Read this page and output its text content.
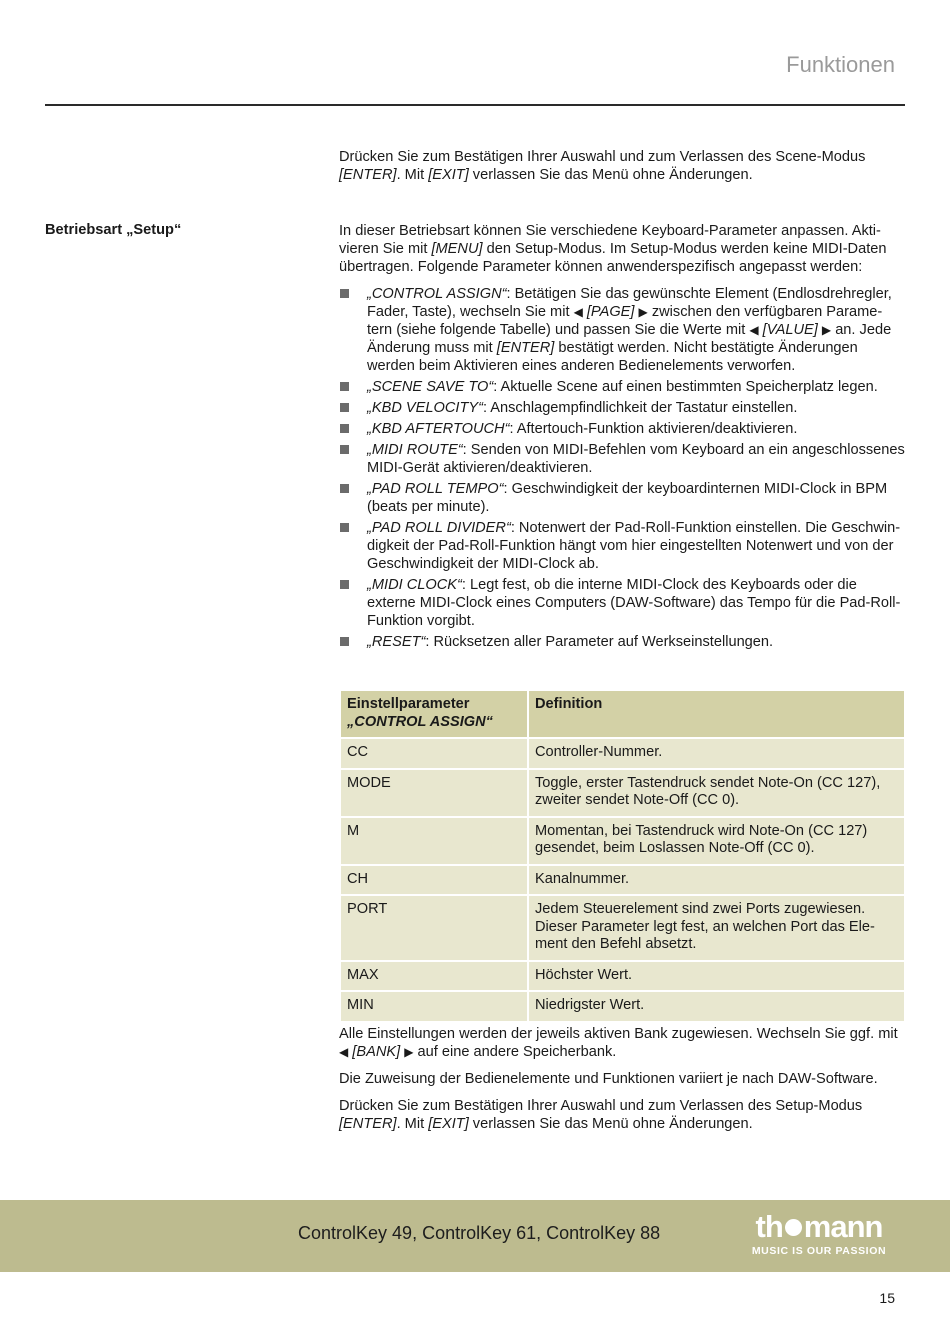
Funktionen

Drücken Sie zum Bestätigen Ihrer Auswahl und zum Verlassen des Scene-Modus
[ENTER]. Mit [EXIT] verlassen Sie das Menü ohne Änderungen.

Betriebsart „Setup“	In dieser Betriebsart können Sie verschiedene Keyboard-Parameter anpassen. Akti-
vieren Sie mit [MENU] den Setup-Modus. Im Setup-Modus werden keine MIDI-Daten
übertragen. Folgende Parameter können anwenderspezifisch angepasst werden:

„CONTROL ASSIGN“: Betätigen Sie das gewünschte Element (Endlosdrehregler, Fader, Taste), wechseln Sie mit ◀ [PAGE] ▶ zwischen den verfügbaren Parame-tern (siehe folgende Tabelle) und passen Sie die Werte mit ◀ [VALUE] ▶ an. Jede Änderung muss mit [ENTER] bestätigt werden. Nicht bestätigte Änderungen werden beim Aktivieren eines anderen Bedienelements verworfen.
„SCENE SAVE TO“: Aktuelle Scene auf einen bestimmten Speicherplatz legen.
„KBD VELOCITY“: Anschlagempfindlichkeit der Tastatur einstellen.
„KBD AFTERTOUCH“: Aftertouch-Funktion aktivieren/deaktivieren.
„MIDI ROUTE“: Senden von MIDI-Befehlen vom Keyboard an ein angeschlossenes MIDI-Gerät aktivieren/deaktivieren.
„PAD ROLL TEMPO“: Geschwindigkeit der keyboardinternen MIDI-Clock in BPM (beats per minute).
„PAD ROLL DIVIDER“: Notenwert der Pad-Roll-Funktion einstellen. Die Geschwin-digkeit der Pad-Roll-Funktion hängt vom hier eingestellten Notenwert und von der Geschwindigkeit der MIDI-Clock ab.
„MIDI CLOCK“: Legt fest, ob die interne MIDI-Clock des Keyboards oder die externe MIDI-Clock eines Computers (DAW-Software) das Tempo für die Pad-Roll-Funktion vorgibt.
„RESET“: Rücksetzen aller Parameter auf Werkseinstellungen.
Einstellparameter
„CONTROL ASSIGN“	Definition
CC	Controller-Nummer.
MODE	Toggle, erster Tastendruck sendet Note-On (CC 127), zweiter sendet Note-Off (CC 0).
M	Momentan, bei Tastendruck wird Note-On (CC 127) gesendet, beim Loslassen Note-Off (CC 0).
CH	Kanalnummer.
PORT	Jedem Steuerelement sind zwei Ports zugewiesen. Dieser Parameter legt fest, an welchen Port das Ele-ment den Befehl absetzt.
MAX	Höchster Wert.
MIN	Niedrigster Wert.
Alle Einstellungen werden der jeweils aktiven Bank zugewiesen. Wechseln Sie ggf. mit ◀ [BANK] ▶ auf eine andere Speicherbank.
Die Zuweisung der Bedienelemente und Funktionen variiert je nach DAW-Software.
Drücken Sie zum Bestätigen Ihrer Auswahl und zum Verlassen des Setup-Modus
[ENTER]. Mit [EXIT] verlassen Sie das Menü ohne Änderungen.
ControlKey 49, ControlKey 61, ControlKey 88	th mann
MUSIC IS OUR PASSION
15
